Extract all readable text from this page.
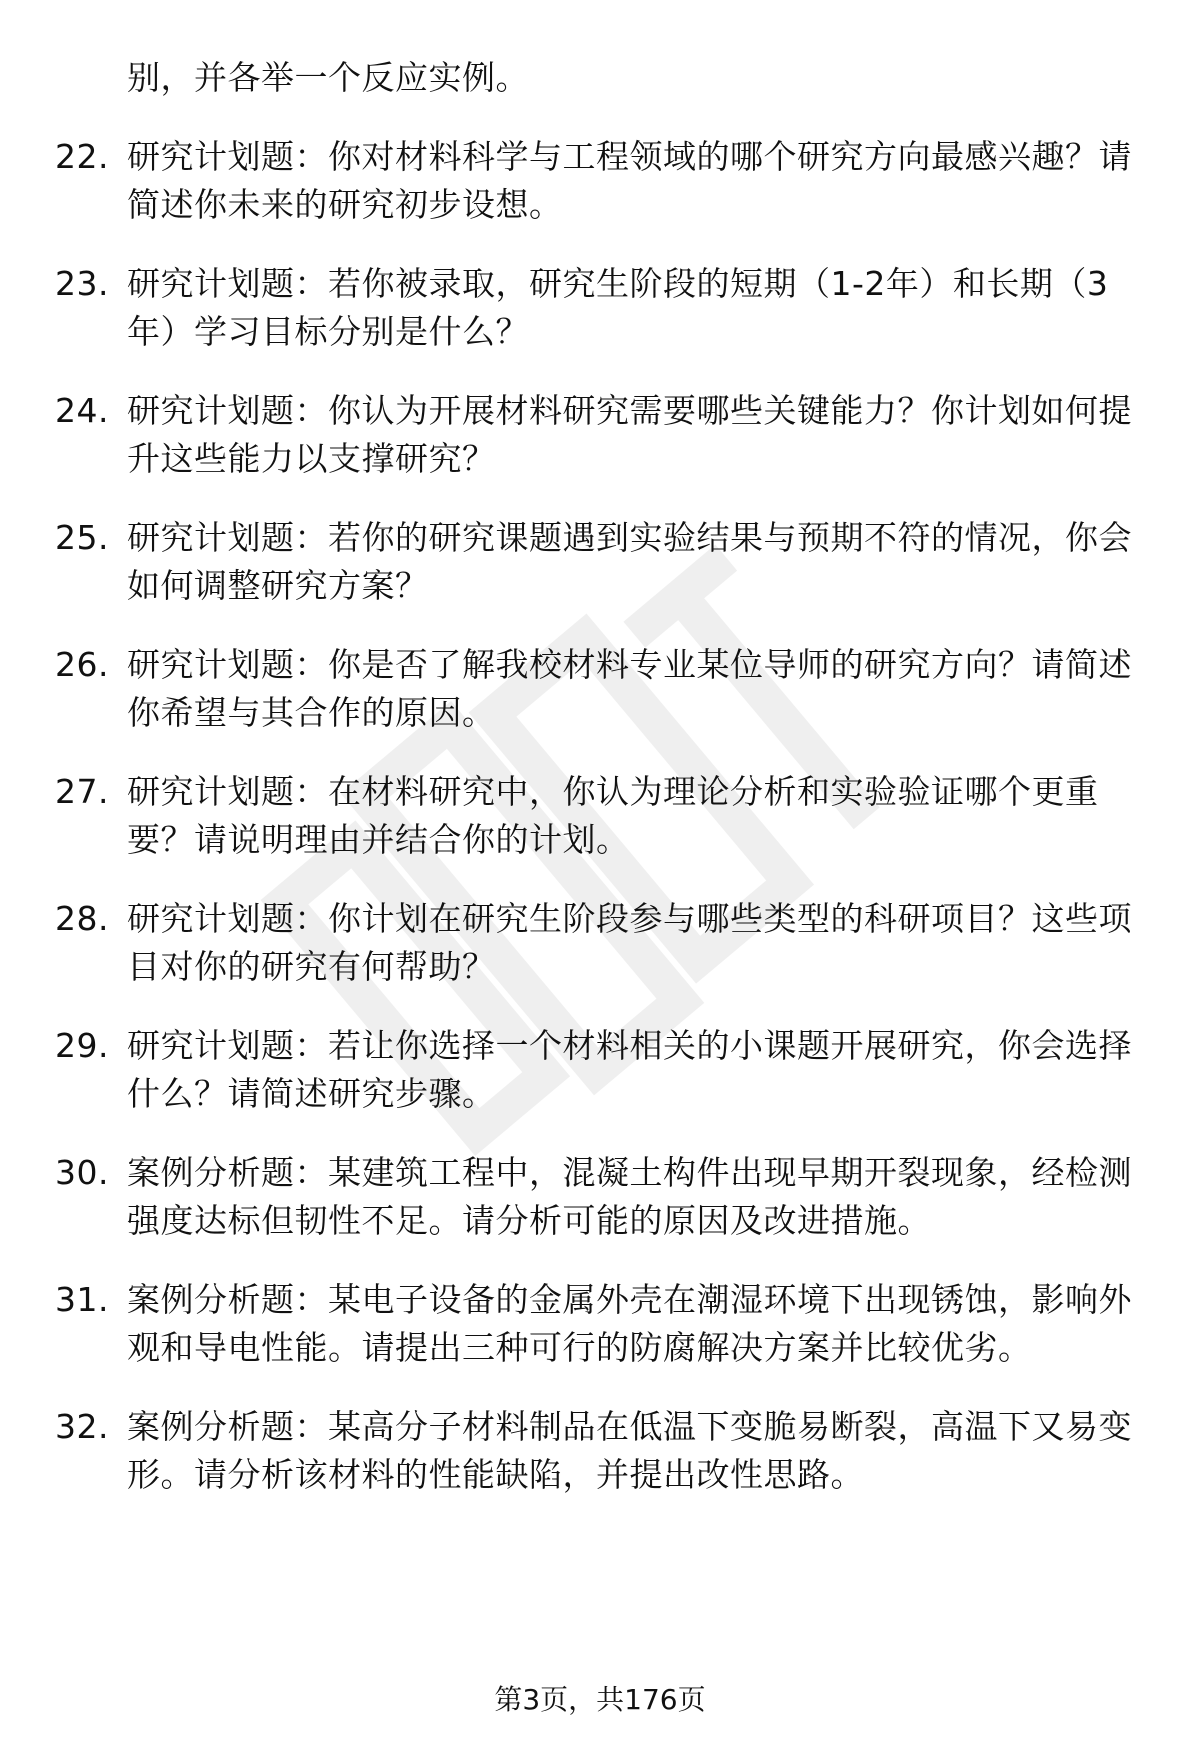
别，并各举一个反应实例。
22. 研究计划题：你对材料科学与工程领域的哪个研究方向最感兴趣？请简述你未来的研究初步设想。
23. 研究计划题：若你被录取，研究生阶段的短期（1-2年）和长期（3年）学习目标分别是什么？
24. 研究计划题：你认为开展材料研究需要哪些关键能力？你计划如何提升这些能力以支撑研究？
25. 研究计划题：若你的研究课题遇到实验结果与预期不符的情况，你会如何调整研究方案？
26. 研究计划题：你是否了解我校材料专业某位导师的研究方向？请简述你希望与其合作的原因。
27. 研究计划题：在材料研究中，你认为理论分析和实验验证哪个更重要？请说明理由并结合你的计划。
28. 研究计划题：你计划在研究生阶段参与哪些类型的科研项目？这些项目对你的研究有何帮助？
29. 研究计划题：若让你选择一个材料相关的小课题开展研究，你会选择什么？请简述研究步骤。
30. 案例分析题：某建筑工程中，混凝土构件出现早期开裂现象，经检测强度达标但韧性不足。请分析可能的原因及改进措施。
31. 案例分析题：某电子设备的金属外壳在潮湿环境下出现锈蚀，影响外观和导电性能。请提出三种可行的防腐解决方案并比较优劣。
32. 案例分析题：某高分子材料制品在低温下变脆易断裂，高温下又易变形。请分析该材料的性能缺陷，并提出改性思路。
第3页，共176页
